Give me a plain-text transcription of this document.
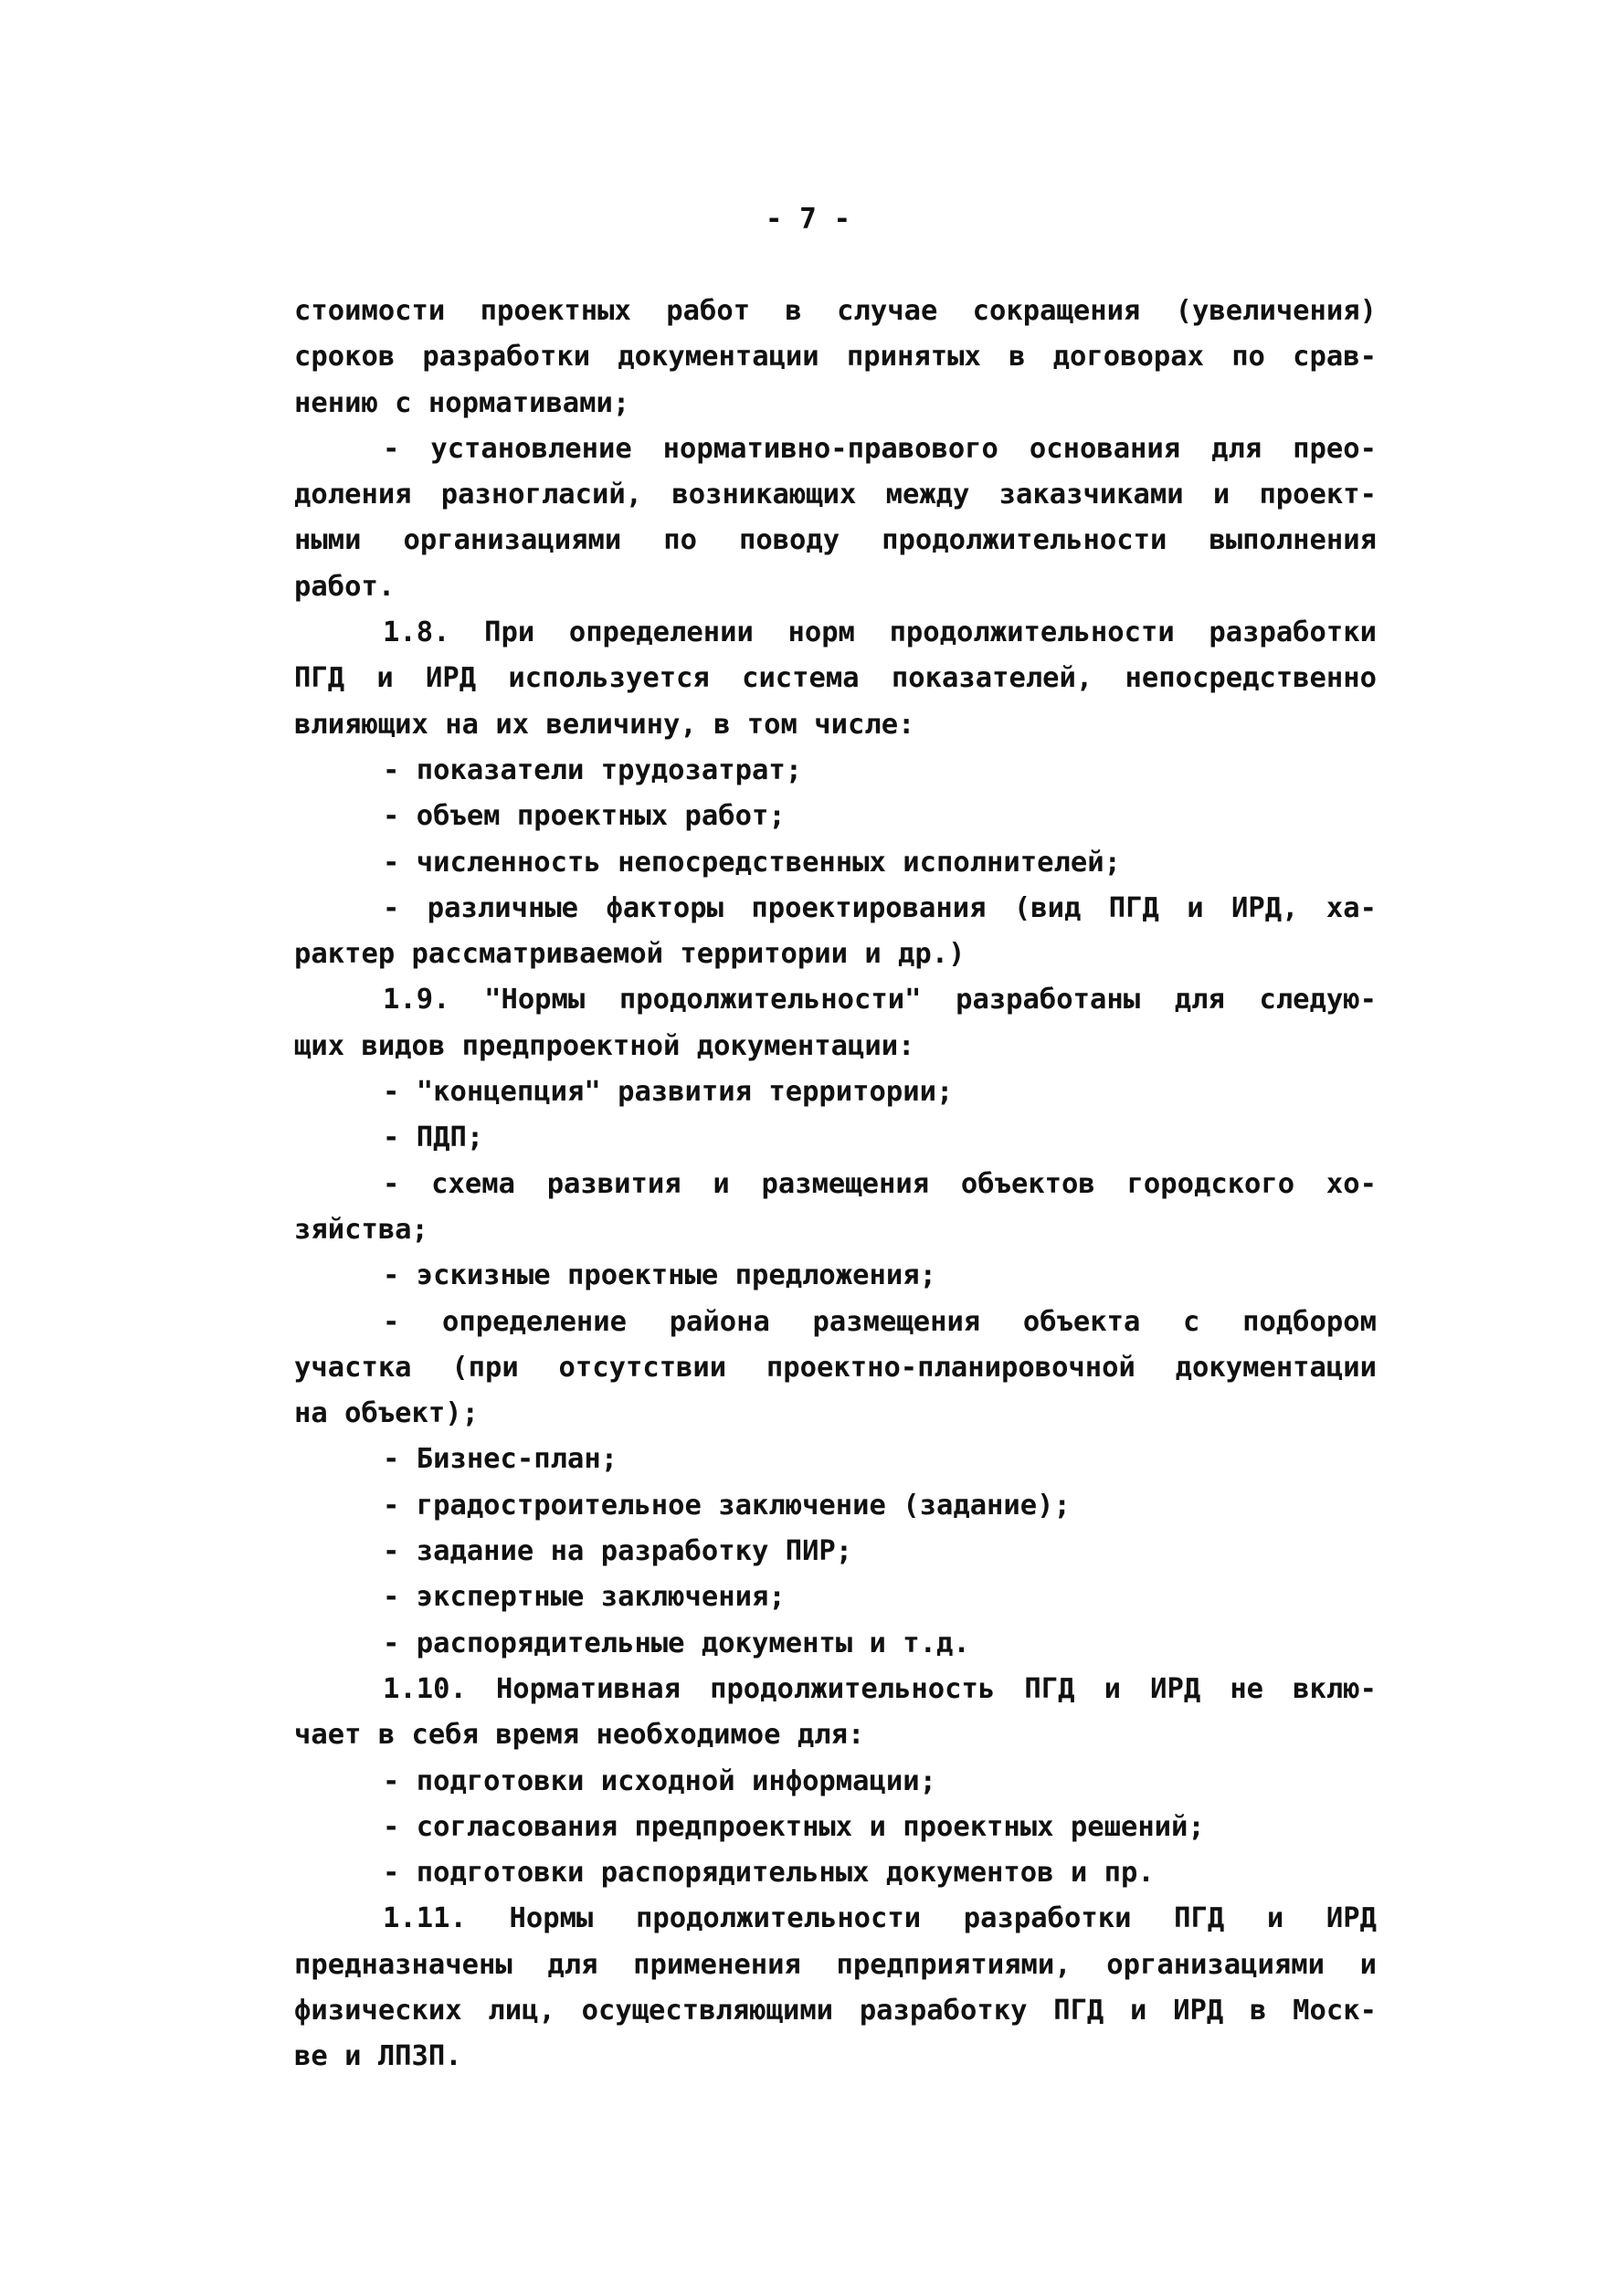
- 7 -
стоимости проектных работ в случае сокращения (увеличения)
сроков разработки документации принятых в договорах по срав-
нению с нормативами;
- установление нормативно-правового основания для прео-
доления разногласий, возникающих между заказчиками и проект-
ными организациями по поводу продолжительности выполнения
работ.
1.8. При определении норм продолжительности разработки
ПГД и ИРД используется система показателей, непосредственно
влияющих на их величину, в том числе:
- показатели трудозатрат;
- объем проектных работ;
- численность непосредственных исполнителей;
- различные факторы проектирования (вид ПГД и ИРД, ха-
рактер рассматриваемой территории и др.)
1.9. "Нормы продолжительности" разработаны для следую-
щих видов предпроектной документации:
- "концепция" развития территории;
- ПДП;
- схема развития и размещения объектов городского хо-
зяйства;
- эскизные проектные предложения;
- определение района размещения объекта с подбором
участка (при отсутствии проектно-планировочной документации
на объект);
- Бизнес-план;
- градостроительное заключение (задание);
- задание на разработку ПИР;
- экспертные заключения;
- распорядительные документы и т.д.
1.10. Нормативная продолжительность ПГД и ИРД не вклю-
чает в себя время необходимое для:
- подготовки исходной информации;
- согласования предпроектных и проектных решений;
- подготовки распорядительных документов и пр.
1.11. Нормы продолжительности разработки ПГД и ИРД
предназначены для применения предприятиями, организациями и
физических лиц, осуществляющими разработку ПГД и ИРД в Моск-
ве и ЛПЗП.
